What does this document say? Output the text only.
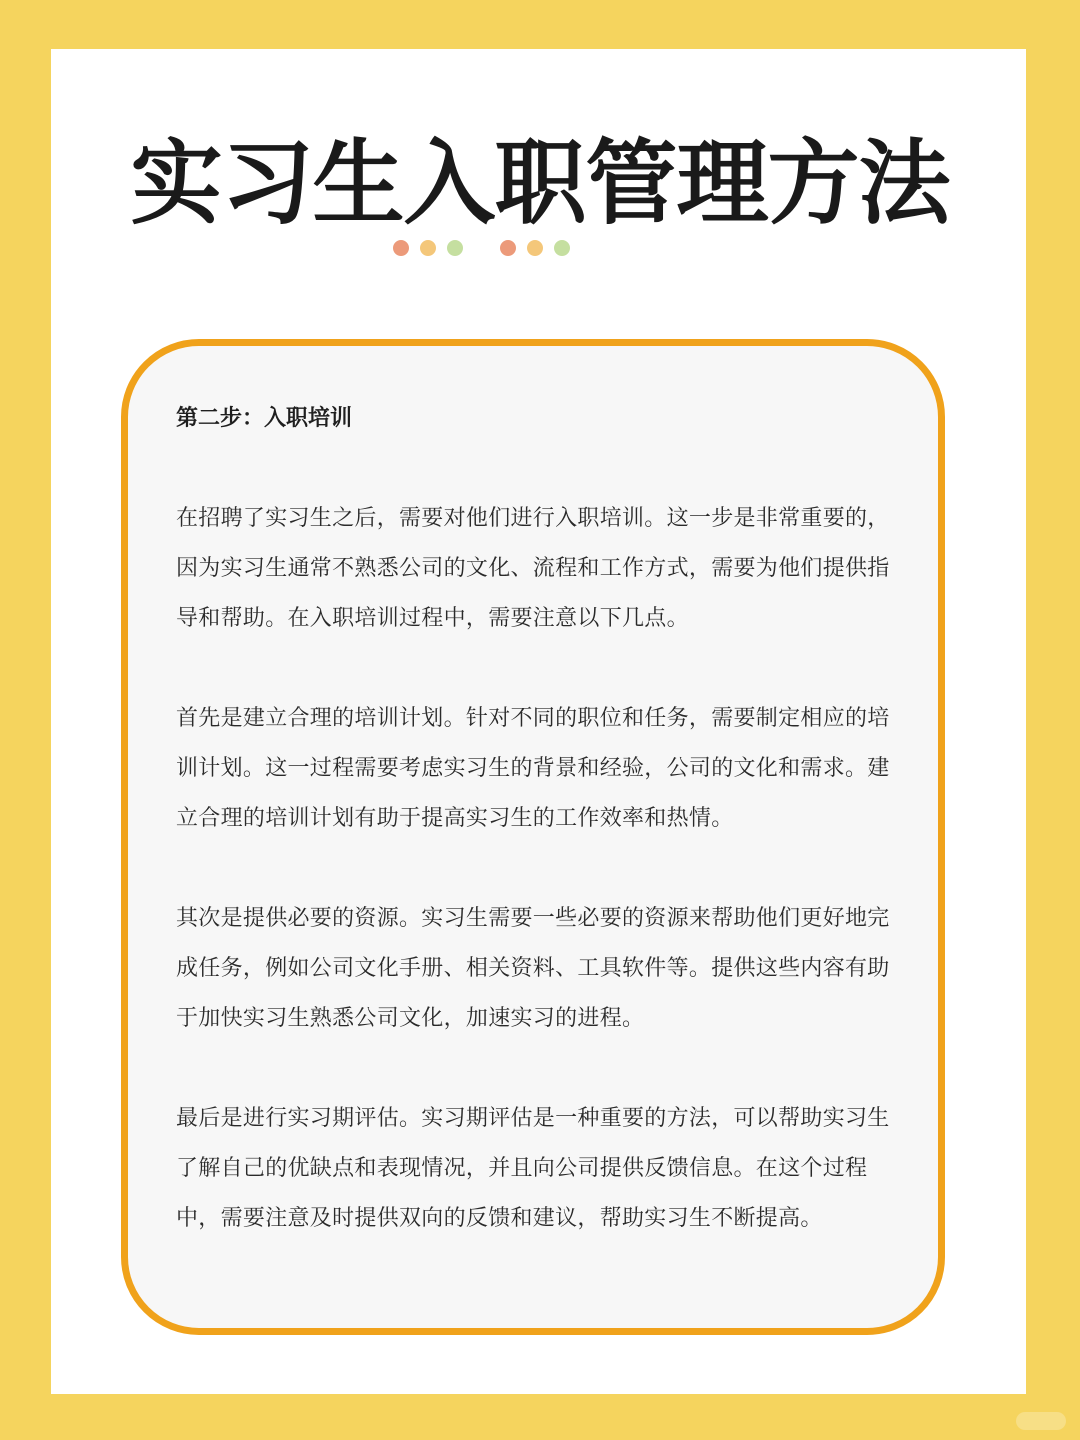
实习生入职管理方法

第二步：入职培训

在招聘了实习生之后，需要对他们进行入职培训。这一步是非常重要的，因为实习生通常不熟悉公司的文化、流程和工作方式，需要为他们提供指导和帮助。在入职培训过程中，需要注意以下几点。

首先是建立合理的培训计划。针对不同的职位和任务，需要制定相应的培训计划。这一过程需要考虑实习生的背景和经验，公司的文化和需求。建立合理的培训计划有助于提高实习生的工作效率和热情。

其次是提供必要的资源。实习生需要一些必要的资源来帮助他们更好地完成任务，例如公司文化手册、相关资料、工具软件等。提供这些内容有助于加快实习生熟悉公司文化，加速实习的进程。

最后是进行实习期评估。实习期评估是一种重要的方法，可以帮助实习生了解自己的优缺点和表现情况，并且向公司提供反馈信息。在这个过程中，需要注意及时提供双向的反馈和建议，帮助实习生不断提高。
